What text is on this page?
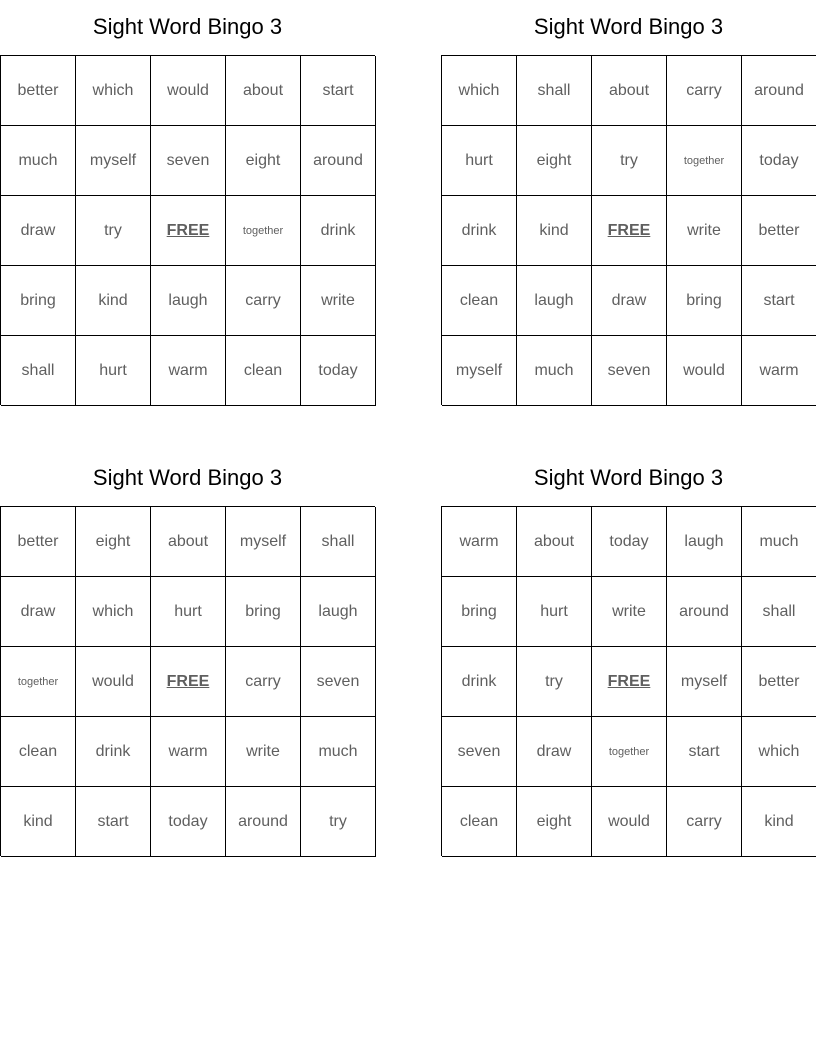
Sight Word Bingo 3
better	which	would	about	start
much	myself	seven	eight	around
draw	try	FREE	together	drink
bring	kind	laugh	carry	write
shall	hurt	warm	clean	today
Sight Word Bingo 3
which	shall	about	carry	around
hurt	eight	try	together	today
drink	kind	FREE	write	better
clean	laugh	draw	bring	start
myself	much	seven	would	warm
Sight Word Bingo 3
better	eight	about	myself	shall
draw	which	hurt	bring	laugh
together	would	FREE	carry	seven
clean	drink	warm	write	much
kind	start	today	around	try
Sight Word Bingo 3
warm	about	today	laugh	much
bring	hurt	write	around	shall
drink	try	FREE	myself	better
seven	draw	together	start	which
clean	eight	would	carry	kind
